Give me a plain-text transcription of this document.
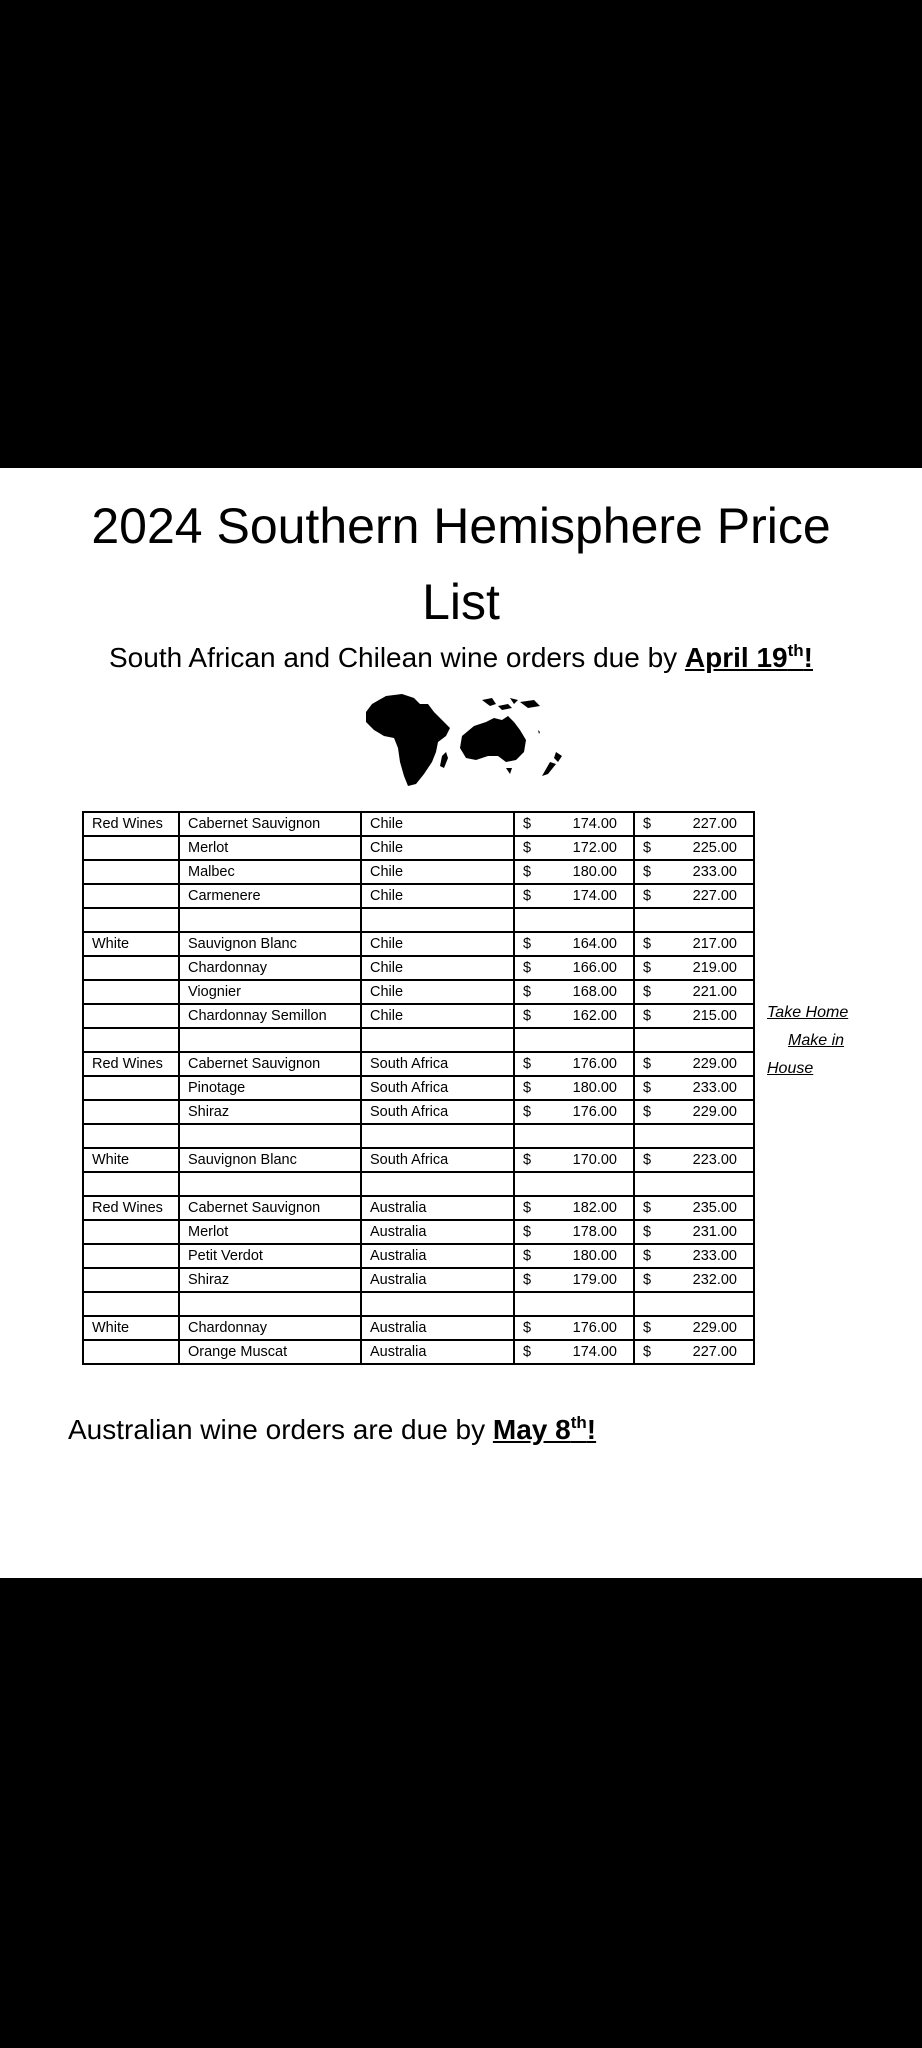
2024 Southern Hemisphere Price
List
South African and Chilean wine orders due by April 19th!
Red Wines	Cabernet Sauvignon	Chile	$ 174.00	$ 227.00

	Merlot	Chile	$ 172.00	$ 225.00

	Malbec	Chile	$ 180.00	$ 233.00

	Carmenere	Chile	$ 174.00	$ 227.00

White	Sauvignon Blanc	Chile	$ 164.00	$ 217.00

	Chardonnay	Chile	$ 166.00	$ 219.00

	Viognier	Chile	$ 168.00	$ 221.00

	Chardonnay Semillon	Chile	$ 162.00	$ 215.00

Red Wines	Cabernet Sauvignon	South Africa	$ 176.00	$ 229.00

	Pinotage	South Africa	$ 180.00	$ 233.00

	Shiraz	South Africa	$ 176.00	$ 229.00

White	Sauvignon Blanc	South Africa	$ 170.00	$ 223.00

Red Wines	Cabernet Sauvignon	Australia	$ 182.00	$ 235.00

	Merlot	Australia	$ 178.00	$ 231.00

	Petit Verdot	Australia	$ 180.00	$ 233.00

	Shiraz	Australia	$ 179.00	$ 232.00

White	Chardonnay	Australia	$ 176.00	$ 229.00

	Orange Muscat	Australia	$ 174.00	$ 227.00
Take Home
Make in
House
Australian wine orders are due by May 8th!
